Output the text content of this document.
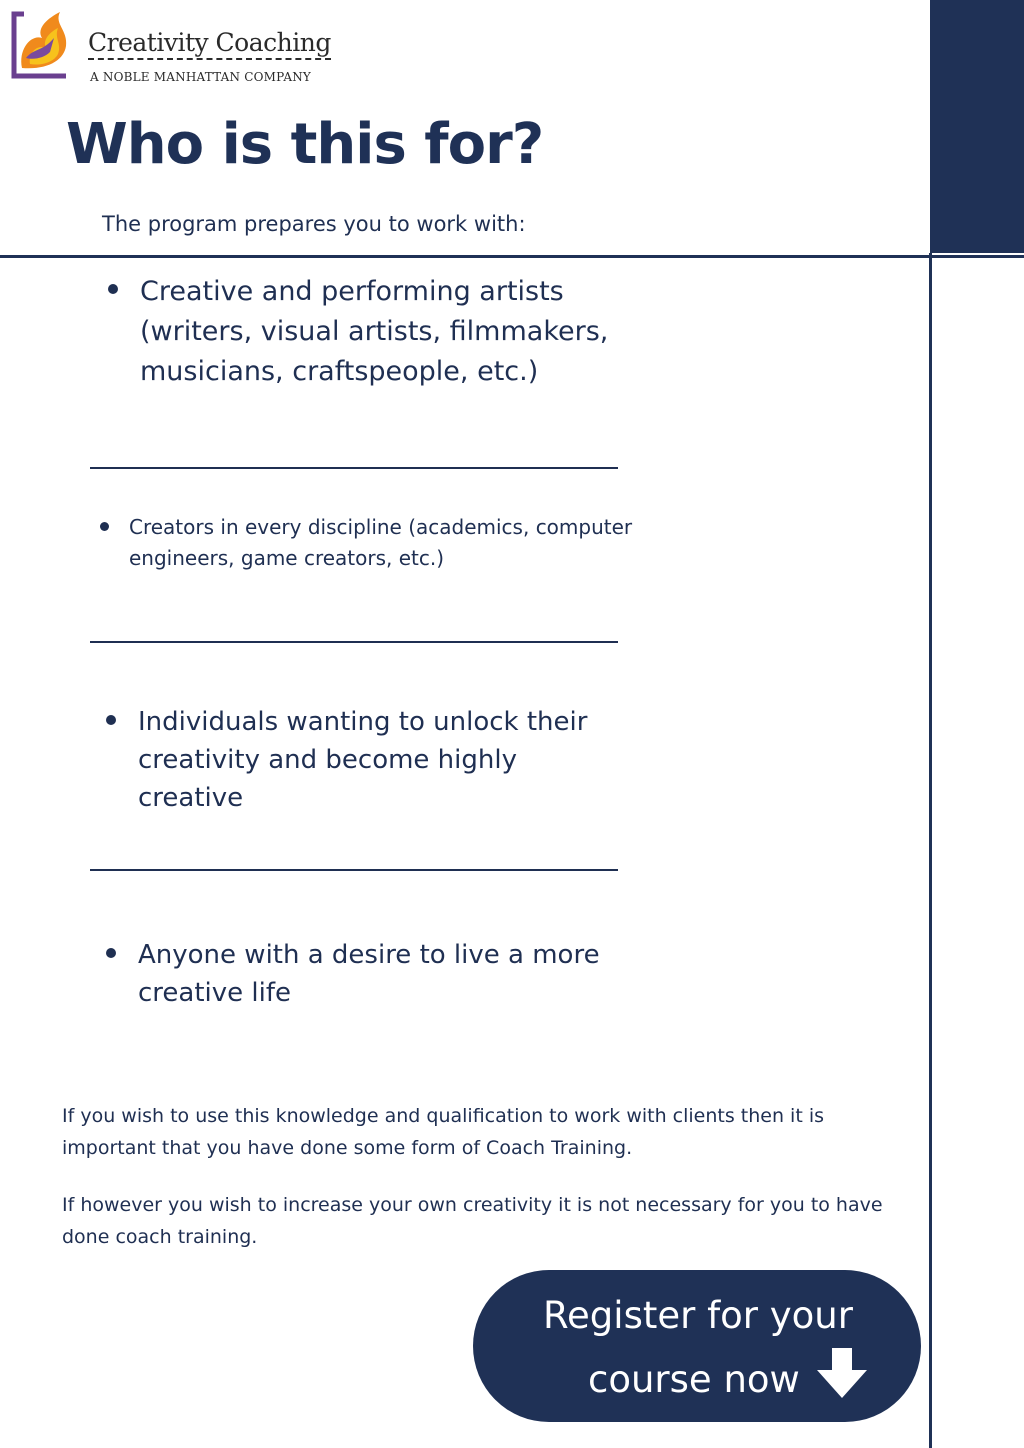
Creativity Coaching
A NOBLE MANHATTAN COMPANY
Who is this for?
The program prepares you to work with:
Creative and performing artists (writers, visual artists, filmmakers, musicians, craftspeople, etc.)
Creators in every discipline (academics, computer engineers, game creators, etc.)
Individuals wanting to unlock their creativity and become highly creative
Anyone with a desire to live a more creative life
If you wish to use this knowledge and qualification to work with clients then it is important that you have done some form of Coach Training.
If however you wish to increase your own creativity it is not necessary for you to have done coach training.
Register for your
course now
